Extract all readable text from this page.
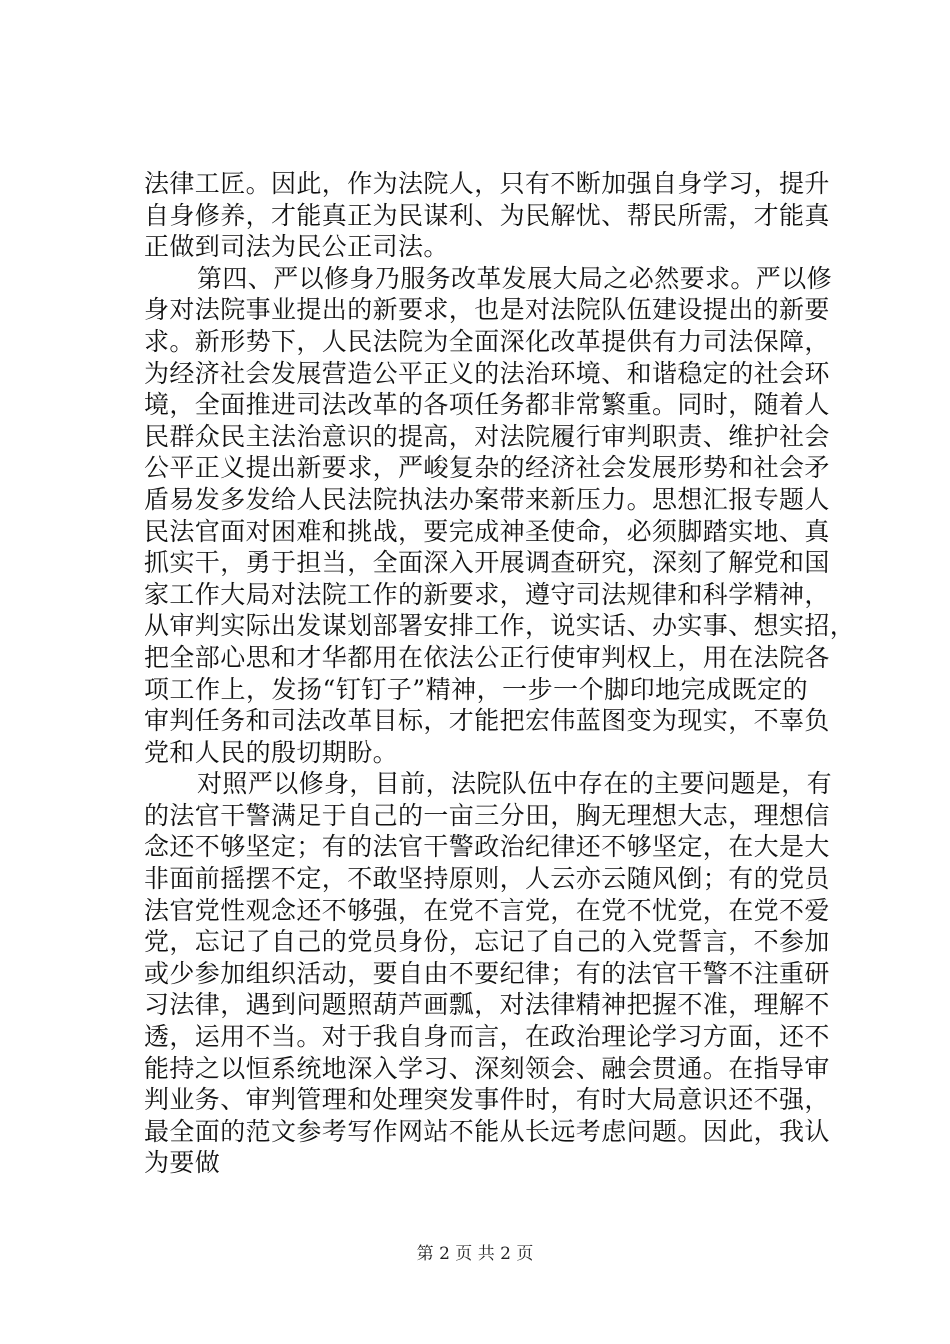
法律工匠。因此，作为法院人，只有不断加强自身学习，提升
自身修养，才能真正为民谋利、为民解忧、帮民所需，才能真
正做到司法为民公正司法。
第四、严以修身乃服务改革发展大局之必然要求。严以修
身对法院事业提出的新要求，也是对法院队伍建设提出的新要
求。新形势下，人民法院为全面深化改革提供有力司法保障，
为经济社会发展营造公平正义的法治环境、和谐稳定的社会环
境，全面推进司法改革的各项任务都非常繁重。同时，随着人
民群众民主法治意识的提高，对法院履行审判职责、维护社会
公平正义提出新要求，严峻复杂的经济社会发展形势和社会矛
盾易发多发给人民法院执法办案带来新压力。思想汇报专题人
民法官面对困难和挑战，要完成神圣使命，必须脚踏实地、真
抓实干，勇于担当，全面深入开展调查研究，深刻了解党和国
家工作大局对法院工作的新要求，遵守司法规律和科学精神，
从审判实际出发谋划部署安排工作，说实话、办实事、想实招，
把全部心思和才华都用在依法公正行使审判权上，用在法院各
项工作上，发扬“钉钉子”精神，一步一个脚印地完成既定的
审判任务和司法改革目标，才能把宏伟蓝图变为现实，不辜负
党和人民的殷切期盼。
对照严以修身，目前，法院队伍中存在的主要问题是，有
的法官干警满足于自己的一亩三分田，胸无理想大志，理想信
念还不够坚定；有的法官干警政治纪律还不够坚定，在大是大
非面前摇摆不定，不敢坚持原则，人云亦云随风倒；有的党员
法官党性观念还不够强，在党不言党，在党不忧党，在党不爱
党，忘记了自己的党员身份，忘记了自己的入党誓言，不参加
或少参加组织活动，要自由不要纪律；有的法官干警不注重研
习法律，遇到问题照葫芦画瓢，对法律精神把握不准，理解不
透，运用不当。对于我自身而言，在政治理论学习方面，还不
能持之以恒系统地深入学习、深刻领会、融会贯通。在指导审
判业务、审判管理和处理突发事件时，有时大局意识还不强，
最全面的范文参考写作网站不能从长远考虑问题。因此，我认
为要做
第 2 页 共 2 页
